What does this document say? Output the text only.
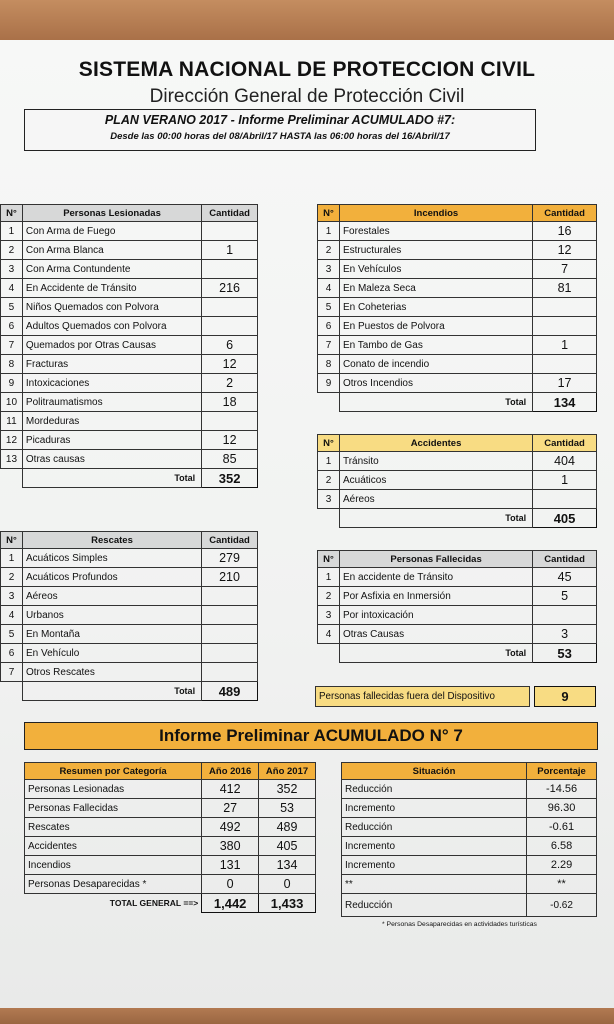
SISTEMA NACIONAL DE PROTECCION CIVIL
Dirección General de Protección Civil
PLAN VERANO 2017 - Informe Preliminar ACUMULADO #7:
Desde las 00:00 horas del 08/Abril/17 HASTA las 06:00 horas del 16/Abril/17
N°	Personas Lesionadas	Cantidad
1	Con Arma de Fuego	
2	Con Arma Blanca	1
3	Con Arma Contundente	
4	En Accidente de Tránsito	216
5	Niños Quemados con Polvora	
6	Adultos Quemados con Polvora	
7	Quemados por Otras Causas	6
8	Fracturas	12
9	Intoxicaciones	2
10	Politraumatismos	18
11	Mordeduras	
12	Picaduras	12
13	Otras causas	85
	Total	352
N°	Incendios	Cantidad
1	Forestales	16
2	Estructurales	12
3	En Vehículos	7
4	En Maleza Seca	81
5	En Coheterias	
6	En Puestos de Polvora	
7	En Tambo de Gas	1
8	Conato de incendio	
9	Otros Incendios	17
	Total	134
N°	Accidentes	Cantidad
1	Tránsito	404
2	Acuáticos	1
3	Aéreos	
	Total	405
N°	Rescates	Cantidad
1	Acuáticos Simples	279
2	Acuáticos Profundos	210
3	Aéreos	
4	Urbanos	
5	En Montaña	
6	En Vehículo	
7	Otros Rescates	
	Total	489
N°	Personas Fallecidas	Cantidad
1	En accidente de Tránsito	45
2	Por Asfixia en Inmersión	5
3	Por intoxicación	
4	Otras Causas	3
	Total	53
Personas fallecidas fuera del Dispositivo	9
Informe Preliminar ACUMULADO N° 7
Resumen por Categoría	Año 2016	Año 2017
Personas Lesionadas	412	352
Personas Fallecidas	27	53
Rescates	492	489
Accidentes	380	405
Incendios	131	134
Personas Desaparecidas *	0	0
TOTAL GENERAL ==>	1,442	1,433
Situación	Porcentaje
Reducción	-14.56
Incremento	96.30
Reducción	-0.61
Incremento	6.58
Incremento	2.29
**	**
Reducción	-0.62
* Personas Desaparecidas en actividades turísticas
